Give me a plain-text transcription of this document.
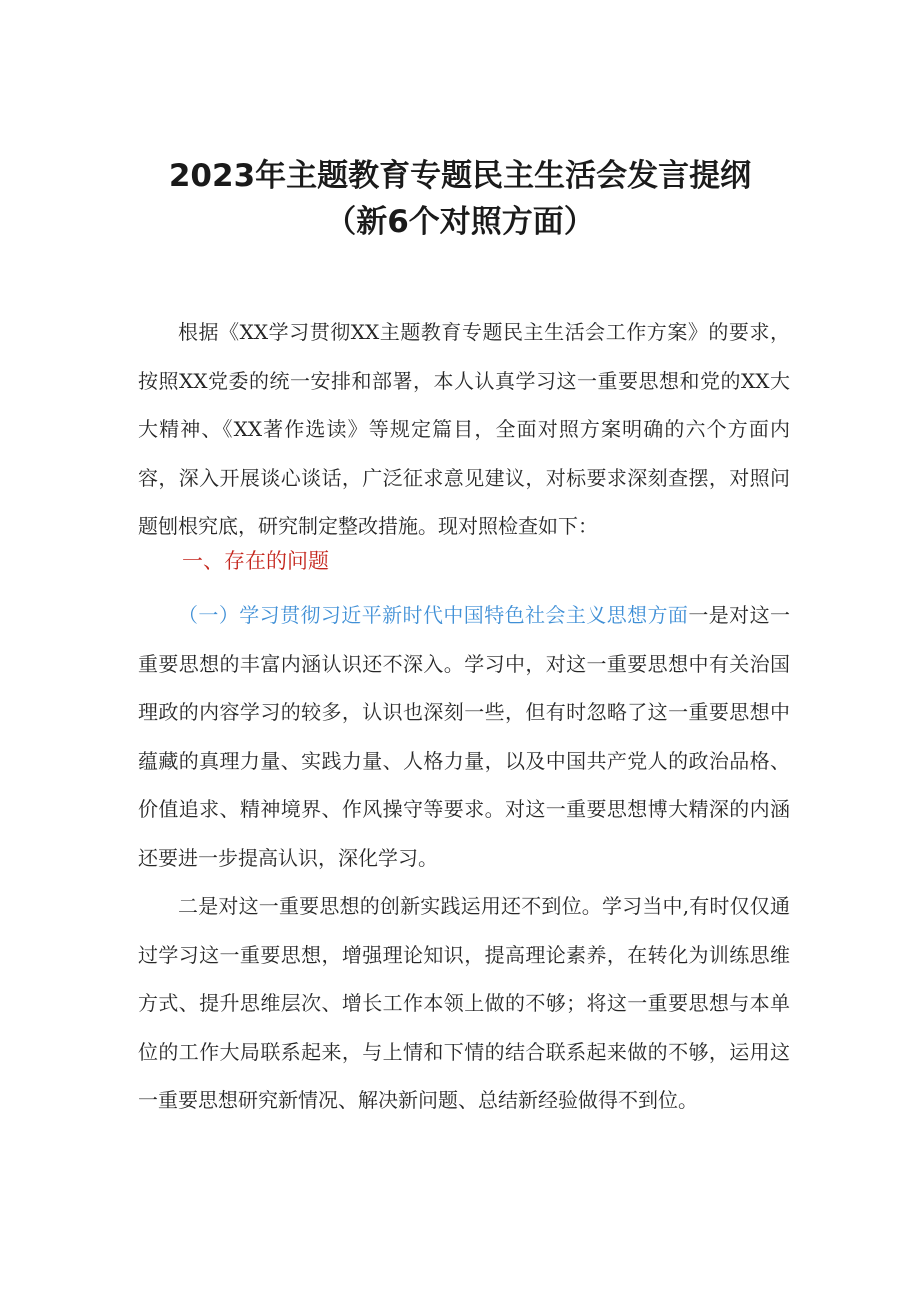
2023年主题教育专题民主生活会发言提纲
（新6个对照方面）

根据《XX学习贯彻XX主题教育专题民主生活会工作方案》的要求，按照XX党委的统一安排和部署，本人认真学习这一重要思想和党的XX大大精神、《XX著作选读》等规定篇目，全面对照方案明确的六个方面内容，深入开展谈心谈话，广泛征求意见建议，对标要求深刻查摆，对照问题刨根究底，研究制定整改措施。现对照检查如下：

一、存在的问题

（一）学习贯彻习近平新时代中国特色社会主义思想方面一是对这一重要思想的丰富内涵认识还不深入。学习中，对这一重要思想中有关治国理政的内容学习的较多，认识也深刻一些，但有时忽略了这一重要思想中蕴藏的真理力量、实践力量、人格力量，以及中国共产党人的政治品格、价值追求、精神境界、作风操守等要求。对这一重要思想博大精深的内涵还要进一步提高认识，深化学习。

二是对这一重要思想的创新实践运用还不到位。学习当中,有时仅仅通过学习这一重要思想，增强理论知识，提高理论素养，在转化为训练思维方式、提升思维层次、增长工作本领上做的不够；将这一重要思想与本单位的工作大局联系起来，与上情和下情的结合联系起来做的不够，运用这一重要思想研究新情况、解决新问题、总结新经验做得不到位。
